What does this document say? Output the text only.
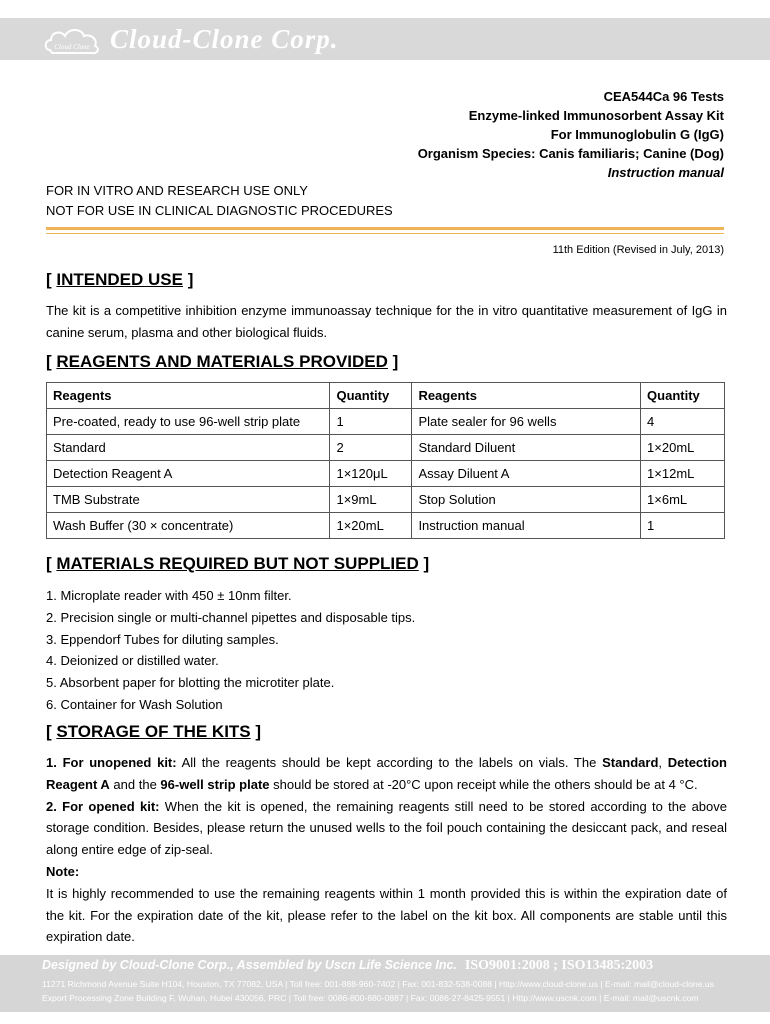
Cloud Clone Cloud-Clone Corp.
CEA544Ca 96 Tests
Enzyme-linked Immunosorbent Assay Kit
For Immunoglobulin G (IgG)
Organism Species: Canis familiaris; Canine (Dog)
Instruction manual
FOR IN VITRO AND RESEARCH USE ONLY
NOT FOR USE IN CLINICAL DIAGNOSTIC PROCEDURES
11th Edition (Revised in July, 2013)
[ INTENDED USE ]
The kit is a competitive inhibition enzyme immunoassay technique for the in vitro quantitative measurement of IgG in canine serum, plasma and other biological fluids.
[ REAGENTS AND MATERIALS PROVIDED ]
Reagents	Quantity	Reagents	Quantity
Pre-coated, ready to use 96-well strip plate	1	Plate sealer for 96 wells	4
Standard	2	Standard Diluent	1×20mL
Detection Reagent A	1×120μL	Assay Diluent A	1×12mL
TMB Substrate	1×9mL	Stop Solution	1×6mL
Wash Buffer (30 × concentrate)	1×20mL	Instruction manual	1
[ MATERIALS REQUIRED BUT NOT SUPPLIED ]
1. Microplate reader with 450 ± 10nm filter.
2. Precision single or multi-channel pipettes and disposable tips.
3. Eppendorf Tubes for diluting samples.
4. Deionized or distilled water.
5. Absorbent paper for blotting the microtiter plate.
6. Container for Wash Solution
[ STORAGE OF THE KITS ]
1. For unopened kit: All the reagents should be kept according to the labels on vials. The Standard, Detection Reagent A and the 96-well strip plate should be stored at -20°C upon receipt while the others should be at 4 °C.
2. For opened kit: When the kit is opened, the remaining reagents still need to be stored according to the above storage condition. Besides, please return the unused wells to the foil pouch containing the desiccant pack, and reseal along entire edge of zip-seal.
Note:
It is highly recommended to use the remaining reagents within 1 month provided this is within the expiration date of the kit. For the expiration date of the kit, please refer to the label on the kit box. All components are stable until this expiration date.
Designed by Cloud-Clone Corp., Assembled by Uscn Life Science Inc. ISO9001:2008 ; ISO13485:2003
11271 Richmond Avenue Suite H104, Houston, TX 77082, USA | Toll free: 001-888-960-7402 | Fax: 001-832-538-0088 | Http://www.cloud-clone.us | E-mail: mail@cloud-clone.us
Export Processing Zone Building F, Wuhan, Hubei 430056, PRC | Toll free: 0086-800-880-0887 | Fax: 0086-27-8425-9551 | Http://www.uscnk.com | E-mail: mail@uscnk.com
